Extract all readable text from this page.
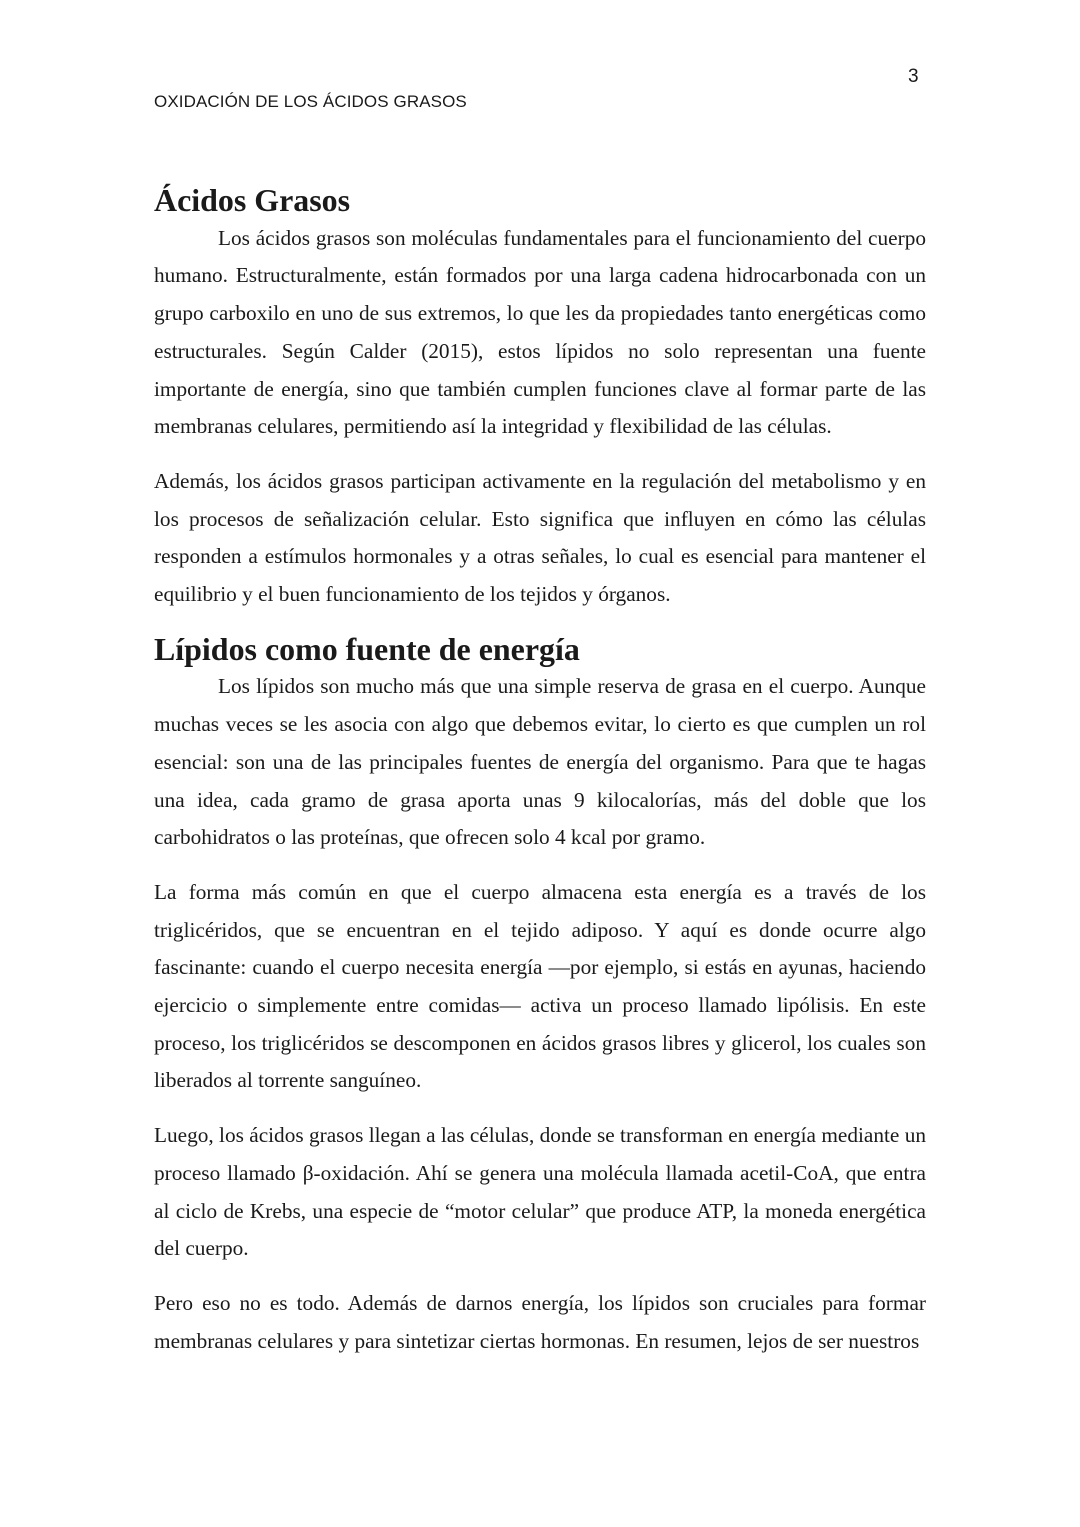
3
OXIDACIÓN DE LOS ÁCIDOS GRASOS
Ácidos Grasos

Los ácidos grasos son moléculas fundamentales para el funcionamiento del cuerpo humano. Estructuralmente, están formados por una larga cadena hidrocarbonada con un grupo carboxilo en uno de sus extremos, lo que les da propiedades tanto energéticas como estructurales. Según Calder (2015), estos lípidos no solo representan una fuente importante de energía, sino que también cumplen funciones clave al formar parte de las membranas celulares, permitiendo así la integridad y flexibilidad de las células.

Además, los ácidos grasos participan activamente en la regulación del metabolismo y en los procesos de señalización celular. Esto significa que influyen en cómo las células responden a estímulos hormonales y a otras señales, lo cual es esencial para mantener el equilibrio y el buen funcionamiento de los tejidos y órganos.

Lípidos como fuente de energía

Los lípidos son mucho más que una simple reserva de grasa en el cuerpo. Aunque muchas veces se les asocia con algo que debemos evitar, lo cierto es que cumplen un rol esencial: son una de las principales fuentes de energía del organismo. Para que te hagas una idea, cada gramo de grasa aporta unas 9 kilocalorías, más del doble que los carbohidratos o las proteínas, que ofrecen solo 4 kcal por gramo.

La forma más común en que el cuerpo almacena esta energía es a través de los triglicéridos, que se encuentran en el tejido adiposo. Y aquí es donde ocurre algo fascinante: cuando el cuerpo necesita energía —por ejemplo, si estás en ayunas, haciendo ejercicio o simplemente entre comidas— activa un proceso llamado lipólisis. En este proceso, los triglicéridos se descomponen en ácidos grasos libres y glicerol, los cuales son liberados al torrente sanguíneo.

Luego, los ácidos grasos llegan a las células, donde se transforman en energía mediante un proceso llamado β-oxidación. Ahí se genera una molécula llamada acetil-CoA, que entra al ciclo de Krebs, una especie de “motor celular” que produce ATP, la moneda energética del cuerpo.

Pero eso no es todo. Además de darnos energía, los lípidos son cruciales para formar membranas celulares y para sintetizar ciertas hormonas. En resumen, lejos de ser nuestros
